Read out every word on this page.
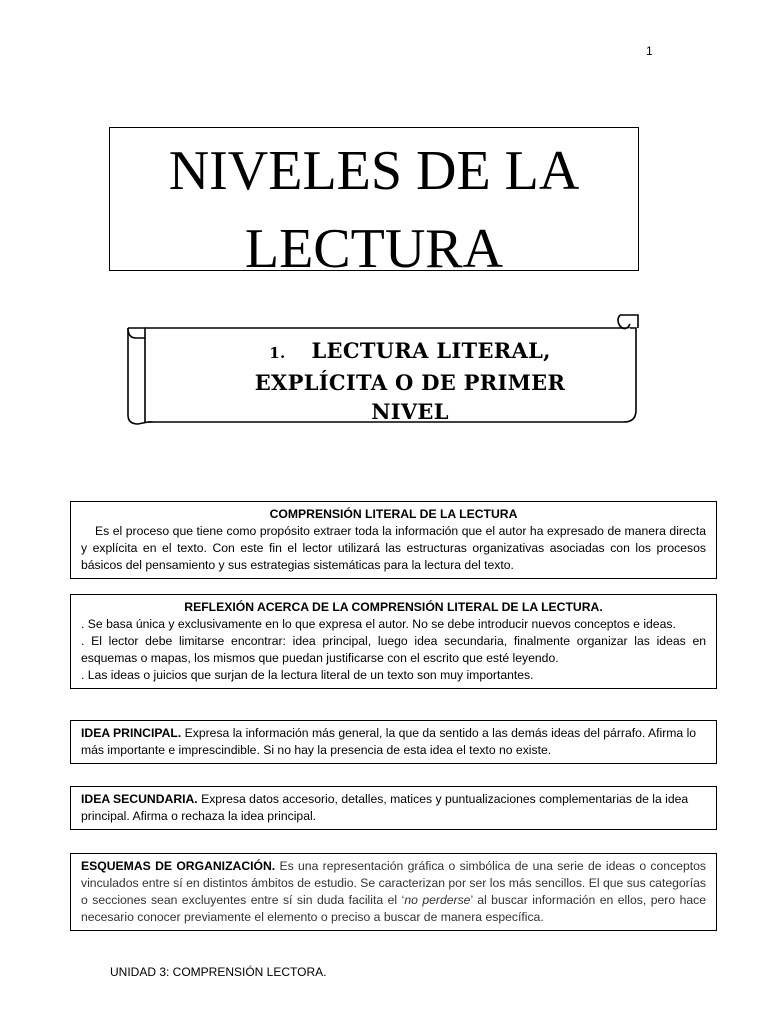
1
NIVELES DE LA
LECTURA
1. LECTURA LITERAL,
EXPLÍCITA O DE PRIMER
NIVEL

COMPRENSIÓN LITERAL DE LA LECTURA

Es el proceso que tiene como propósito extraer toda la información que el autor ha expresado de manera directa y explícita en el texto. Con este fin el lector utilizará las estructuras organizativas asociadas con los procesos básicos del pensamiento y sus estrategias sistemáticas para la lectura del texto.

REFLEXIÓN ACERCA DE LA COMPRENSIÓN LITERAL DE LA LECTURA.

. Se basa única y exclusivamente en lo que expresa el autor. No se debe introducir nuevos conceptos e ideas.

. El lector debe limitarse encontrar: idea principal, luego idea secundaria, finalmente organizar las ideas en esquemas o mapas, los mismos que puedan justificarse con el escrito que esté leyendo.

. Las ideas o juicios que surjan de la lectura literal de un texto son muy importantes.

IDEA PRINCIPAL. Expresa la información más general, la que da sentido a las demás ideas del párrafo. Afirma lo más importante e imprescindible. Si no hay la presencia de esta idea el texto no existe.

IDEA SECUNDARIA. Expresa datos accesorio, detalles, matices y puntualizaciones complementarias de la idea principal. Afirma o rechaza la idea principal.

ESQUEMAS DE ORGANIZACIÓN. Es una representación gráfica o simbólica de una serie de ideas o conceptos vinculados entre sí en distintos ámbitos de estudio. Se caracterizan por ser los más sencillos. El que sus categorías o secciones sean excluyentes entre sí sin duda facilita el ‘no perderse’ al buscar información en ellos, pero hace necesario conocer previamente el elemento o preciso a buscar de manera específica.

UNIDAD 3: COMPRENSIÓN LECTORA.
